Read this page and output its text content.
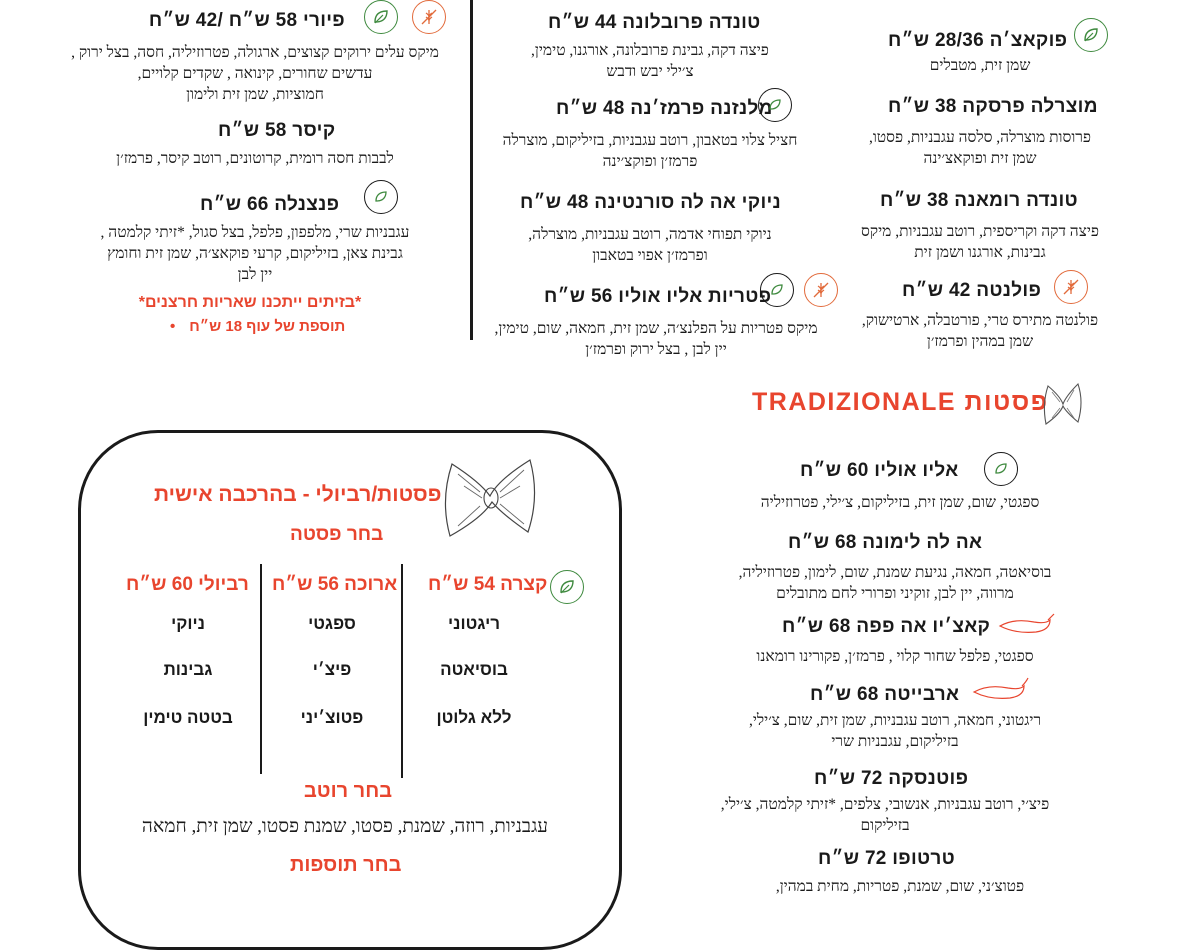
פיורי 58 ש״ח /42 ש״ח
מיקס עלים ירוקים קצוצים, ארגולה, פטרוזיליה, חסה, בצל ירוק ,
עדשים שחורים, קינואה , שקדים קלויים,
חמוציות, שמן זית ולימון
קיסר 58 ש״ח
לבבות חסה רומית, קרוטונים, רוטב קיסר, פרמז׳ן
פנצנלה 66 ש״ח
עגבניות שרי, מלפפון, פלפל, בצל סגול, *זיתי קלמטה ,
גבינת צאן, בזיליקום, קרעי פוקאצ׳ה, שמן זית וחומץ
יין לבן
*בזיתים ייתכנו שאריות חרצנים*
תוספת של עוף 18 ש״ח•
טונדה פרובלונה 44 ש״ח
פיצה דקה, גבינת פרובלונה, אורגנו, טימין,
צ׳ילי יבש ודבש
מלנזנה פרמז׳נה 48 ש״ח
חציל צלוי בטאבון, רוטב עגבניות, בזיליקום, מוצרלה
פרמז׳ן ופוקצ׳ינה
ניוקי אה לה סורנטינה 48 ש״ח
ניוקי תפוחי אדמה, רוטב עגבניות, מוצרלה,
ופרמז׳ן אפוי בטאבון
פטריות אליו אוליו 56 ש״ח
מיקס פטריות על הפלנצ׳ה, שמן זית, חמאה, שום, טימין,
יין לבן , בצל ירוק ופרמז׳ן
פוקאצ׳ה 28/36 ש״ח
שמן זית, מטבלים
מוצרלה פרסקה 38 ש״ח
פרוסות מוצרלה, סלסה עגבניות, פסטו,
שמן זית ופוקאצ׳ינה
טונדה רומאנה 38 ש״ח
פיצה דקה וקריספית, רוטב עגבניות, מיקס
גבינות, אורגנו ושמן זית
פולנטה 42 ש״ח
פולנטה מתירס טרי, פורטבלה, ארטישוק,
שמן במהין ופרמז׳ן
TRADIZIONALE פסטות
אליו אוליו 60 ש״ח
ספגטי, שום, שמן זית, בזיליקום, צ׳ילי, פטרוזיליה
אה לה לימונה 68 ש״ח
בוסיאטה, חמאה, נגיעת שמנת, שום, לימון, פטרוזיליה,
מרווה, יין לבן, זוקיני ופרורי לחם מתובלים
קאצ׳יו אה פפה 68 ש״ח
ספגטי, פלפל שחור קלוי , פרמז׳ן, פקורינו רומאנו
ארבייטה 68 ש״ח
ריגטוני, חמאה, רוטב עגבניות, שמן זית, שום, צ׳ילי,
בזיליקום, עגבניות שרי
פוטנסקה 72 ש״ח
פיצ׳י, רוטב עגבניות, אנשובי, צלפים, *זיתי קלמטה, צ׳ילי,
בזיליקום
טרטופו 72 ש״ח
פטוצ׳ני, שום, שמנת, פטריות, מחית במהין,
פסטות/רביולי - בהרכבה אישית
בחר פסטה
קצרה 54 ש״ח
ריגטוני
בוסיאטה
ללא גלוטן
ארוכה 56 ש״ח
ספגטי
פיצ׳י
פטוצ׳יני
רביולי 60 ש״ח
ניוקי
גבינות
בטטה טימין
בחר רוטב
עגבניות, רוזה, שמנת, פסטו, שמנת פסטו, שמן זית, חמאה
בחר תוספות
